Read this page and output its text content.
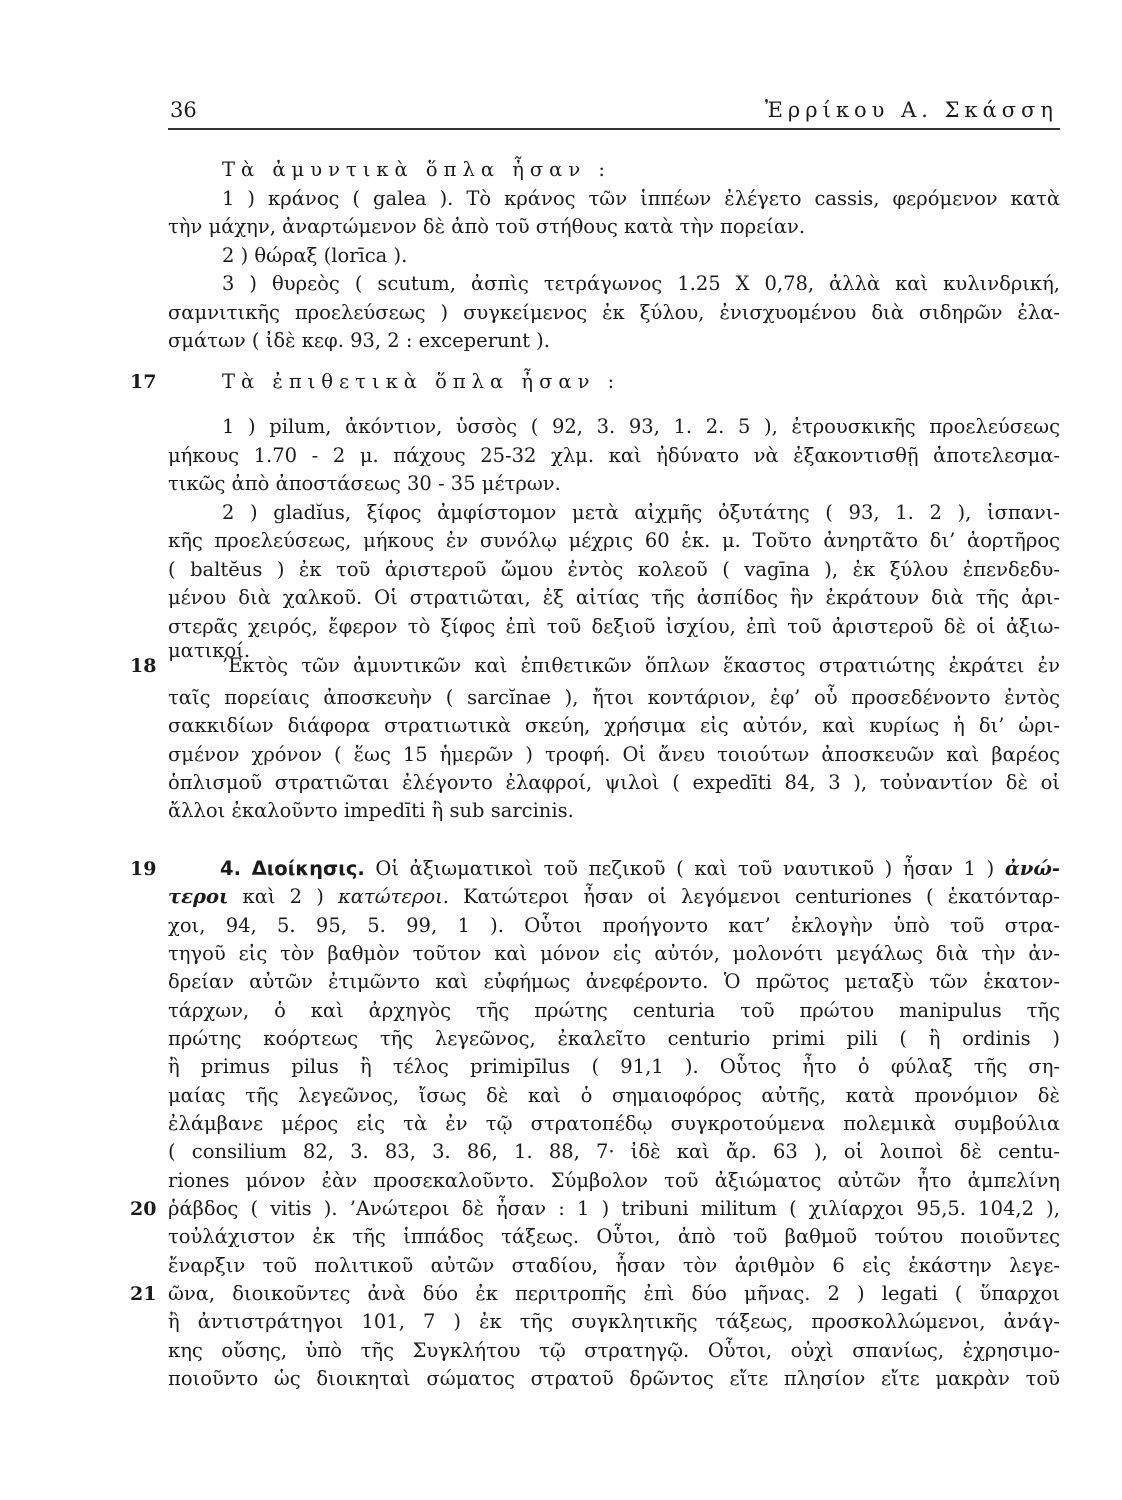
36	Ἐρρίκου Α. Σκάσση
17
18
19
20
21
Τὰ ἀμυντικὰ ὅπλα ἦσαν :
1 ) κράνος ( galea ). Τὸ κράνος τῶν ἱππέων ἐλέγετο cassis, φερόμενον κατὰ
τὴν μάχην, ἀναρτώμενον δὲ ἀπὸ τοῦ στήθους κατὰ τὴν πορείαν.
2 ) θώραξ (lorīca ).
3 ) θυρεὸς ( scutum, ἀσπὶς τετράγωνος 1.25 X 0,78, ἀλλὰ καὶ κυλινδρική,
σαμνιτικῆς προελεύσεως ) συγκείμενος ἐκ ξύλου, ἐνισχυομένου διὰ σιδηρῶν ἐλα-
σμάτων ( ἰδὲ κεφ. 93, 2 : exceperunt ).
Τὰ ἐπιθετικὰ ὅπλα ἦσαν :
1 ) pilum, ἀκόντιον, ὑσσὸς ( 92, 3. 93, 1. 2. 5 ), ἐτρουσκικῆς προελεύσεως
μήκους 1.70 - 2 μ. πάχους 25-32 χλμ. καὶ ἠδύνατο νὰ ἐξακοντισθῇ ἀποτελεσμα-
τικῶς ἀπὸ ἀποστάσεως 30 - 35 μέτρων.
2 ) gladĭus, ξίφος ἀμφίστομον μετὰ αἰχμῆς ὀξυτάτης ( 93, 1. 2 ), ἱσπανι-
κῆς προελεύσεως, μήκους ἐν συνόλῳ μέχρις 60 ἑκ. μ. Τοῦτο ἀνηρτᾶτο δι’ ἀορτῆρος
( baltĕus ) ἐκ τοῦ ἀριστεροῦ ὤμου ἐντὸς κολεοῦ ( vagīna ), ἐκ ξύλου ἐπενδεδυ-
μένου διὰ χαλκοῦ. Οἱ στρατιῶται, ἐξ αἰτίας τῆς ἀσπίδος ἣν ἐκράτουν διὰ τῆς ἀρι-
στερᾶς χειρός, ἔφερον τὸ ξίφος ἐπὶ τοῦ δεξιοῦ ἰσχίου, ἐπὶ τοῦ ἀριστεροῦ δὲ οἱ ἀξιω-
ματικοί.
’Εκτὸς τῶν ἀμυντικῶν καὶ ἐπιθετικῶν ὅπλων ἕκαστος στρατιώτης ἐκράτει ἐν
ταῖς πορείαις ἀποσκευὴν ( sarcĭnae ), ἤτοι κοντάριον, ἐφ’ οὗ προσεδένοντο ἐντὸς
σακκιδίων διάφορα στρατιωτικὰ σκεύη, χρήσιμα εἰς αὐτόν, καὶ κυρίως ἡ δι’ ὡρι-
σμένον χρόνον ( ἕως 15 ἡμερῶν ) τροφή. Οἱ ἄνευ τοιούτων ἀποσκευῶν καὶ βαρέος
ὁπλισμοῦ στρατιῶται ἐλέγοντο ἐλαφροί, ψιλοὶ ( expedīti 84, 3 ), τοὐναντίον δὲ οἱ
ἄλλοι ἐκαλοῦντο impedīti ἢ sub sarcinis.
4. Διοίκησις. Οἱ ἀξιωματικοὶ τοῦ πεζικοῦ ( καὶ τοῦ ναυτικοῦ ) ἦσαν 1 ) ἀνώ-
τεροι καὶ 2 ) κατώτεροι. Κατώτεροι ἦσαν οἱ λεγόμενοι centuriones ( ἑκατόνταρ-
χοι, 94, 5. 95, 5. 99, 1 ). Οὗτοι προήγοντο κατ’ ἐκλογὴν ὑπὸ τοῦ στρα-
τηγοῦ εἰς τὸν βαθμὸν τοῦτον καὶ μόνον εἰς αὐτόν, μολονότι μεγάλως διὰ τὴν ἀν-
δρείαν αὐτῶν ἐτιμῶντο καὶ εὐφήμως ἀνεφέροντο. Ὁ πρῶτος μεταξὺ τῶν ἑκατον-
τάρχων, ὁ καὶ ἀρχηγὸς τῆς πρώτης centuria τοῦ πρώτου manipulus τῆς
πρώτης κοόρτεως τῆς λεγεῶνος, ἐκαλεῖτο centurio primi pili ( ἢ ordinis )
ἢ primus pilus ἢ τέλος primipīlus ( 91,1 ). Οὗτος ἦτο ὁ φύλαξ τῆς ση-
μαίας τῆς λεγεῶνος, ἴσως δὲ καὶ ὁ σημαιοφόρος αὐτῆς, κατὰ προνόμιον δὲ
ἐλάμβανε μέρος εἰς τὰ ἐν τῷ στρατοπέδῳ συγκροτούμενα πολεμικὰ συμβούλια
( consilium 82, 3. 83, 3. 86, 1. 88, 7· ἰδὲ καὶ ἄρ. 63 ), οἱ λοιποὶ δὲ centu-
riones μόνον ἐὰν προσεκαλοῦντο. Σύμβολον τοῦ ἀξιώματος αὐτῶν ἦτο ἀμπελίνη
ῥάβδος ( vitis ). ’Ανώτεροι δὲ ἦσαν : 1 ) tribuni militum ( χιλίαρχοι 95,5. 104,2 ),
τοὐλάχιστον ἐκ τῆς ἱππάδος τάξεως. Οὗτοι, ἀπὸ τοῦ βαθμοῦ τούτου ποιοῦντες
ἔναρξιν τοῦ πολιτικοῦ αὐτῶν σταδίου, ἦσαν τὸν ἀριθμὸν 6 εἰς ἑκάστην λεγε-
ῶνα, διοικοῦντες ἀνὰ δύο ἐκ περιτροπῆς ἐπὶ δύο μῆνας. 2 ) legati ( ὕπαρχοι
ἢ ἀντιστράτηγοι 101, 7 ) ἐκ τῆς συγκλητικῆς τάξεως, προσκολλώμενοι, ἀνάγ-
κης οὔσης, ὑπὸ τῆς Συγκλήτου τῷ στρατηγῷ. Οὗτοι, οὐχὶ σπανίως, ἐχρησιμο-
ποιοῦντο ὡς διοικηταὶ σώματος στρατοῦ δρῶντος εἴτε πλησίον εἴτε μακρὰν τοῦ
